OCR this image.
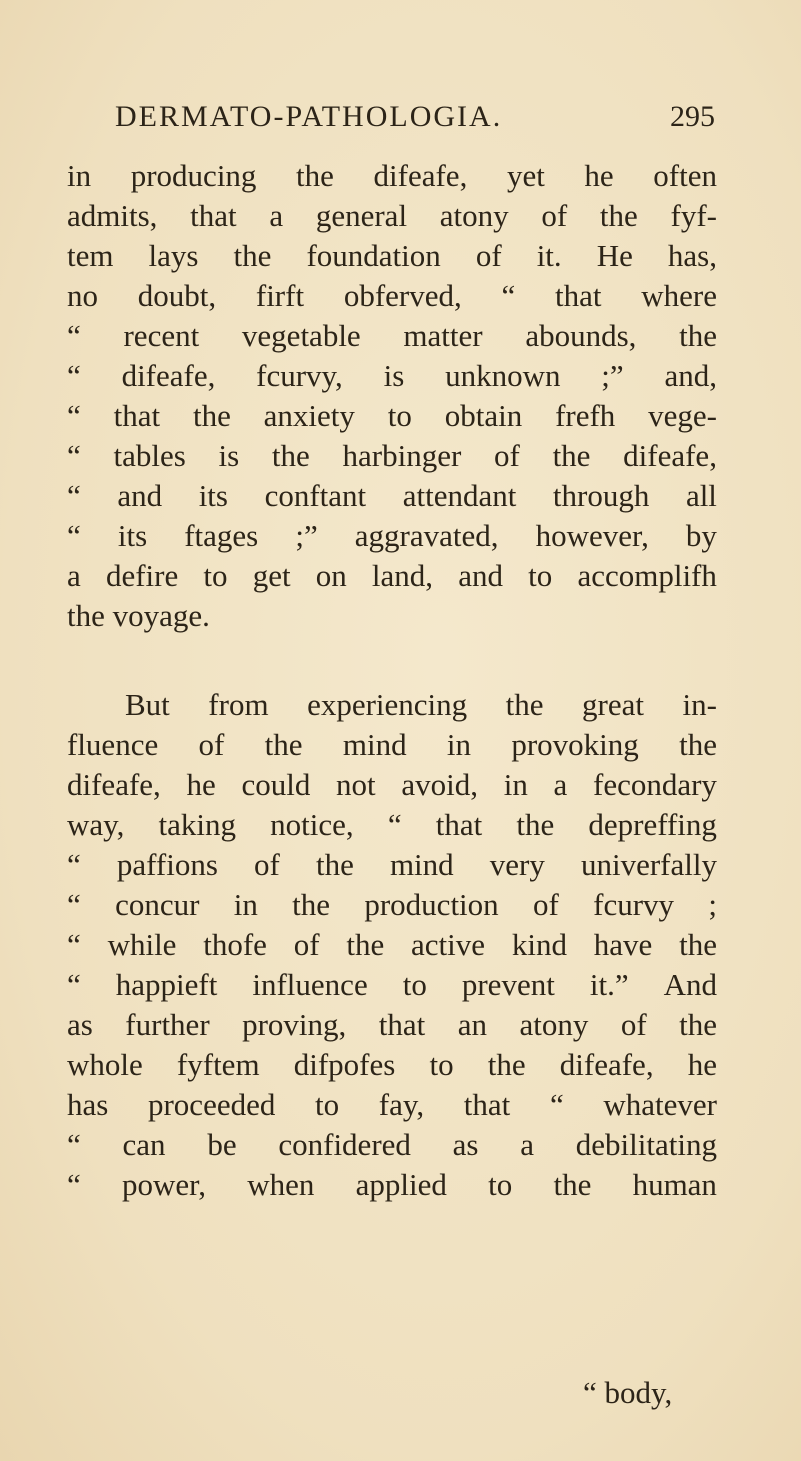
DERMATO-PATHOLOGIA.	295
in producing the difeafe, yet he often
admits, that a general atony of the fyf-
tem lays the foundation of it. He has,
no doubt, firft obferved, “ that where
“ recent vegetable matter abounds, the
“ difeafe, fcurvy, is unknown ;” and,
“ that the anxiety to obtain frefh vege-
“ tables is the harbinger of the difeafe,
“ and its conftant attendant through all
“ its ftages ;” aggravated, however, by
a defire to get on land, and to accomplifh
the voyage.
But from experiencing the great in-
fluence of the mind in provoking the
difeafe, he could not avoid, in a fecondary
way, taking notice, “ that the depreffing
“ paffions of the mind very univerfally
“ concur in the production of fcurvy ;
“ while thofe of the active kind have the
“ happieft influence to prevent it.” And
as further proving, that an atony of the
whole fyftem difpofes to the difeafe, he
has proceeded to fay, that “ whatever
“ can be confidered as a debilitating
“ power, when applied to the human
“ body,
